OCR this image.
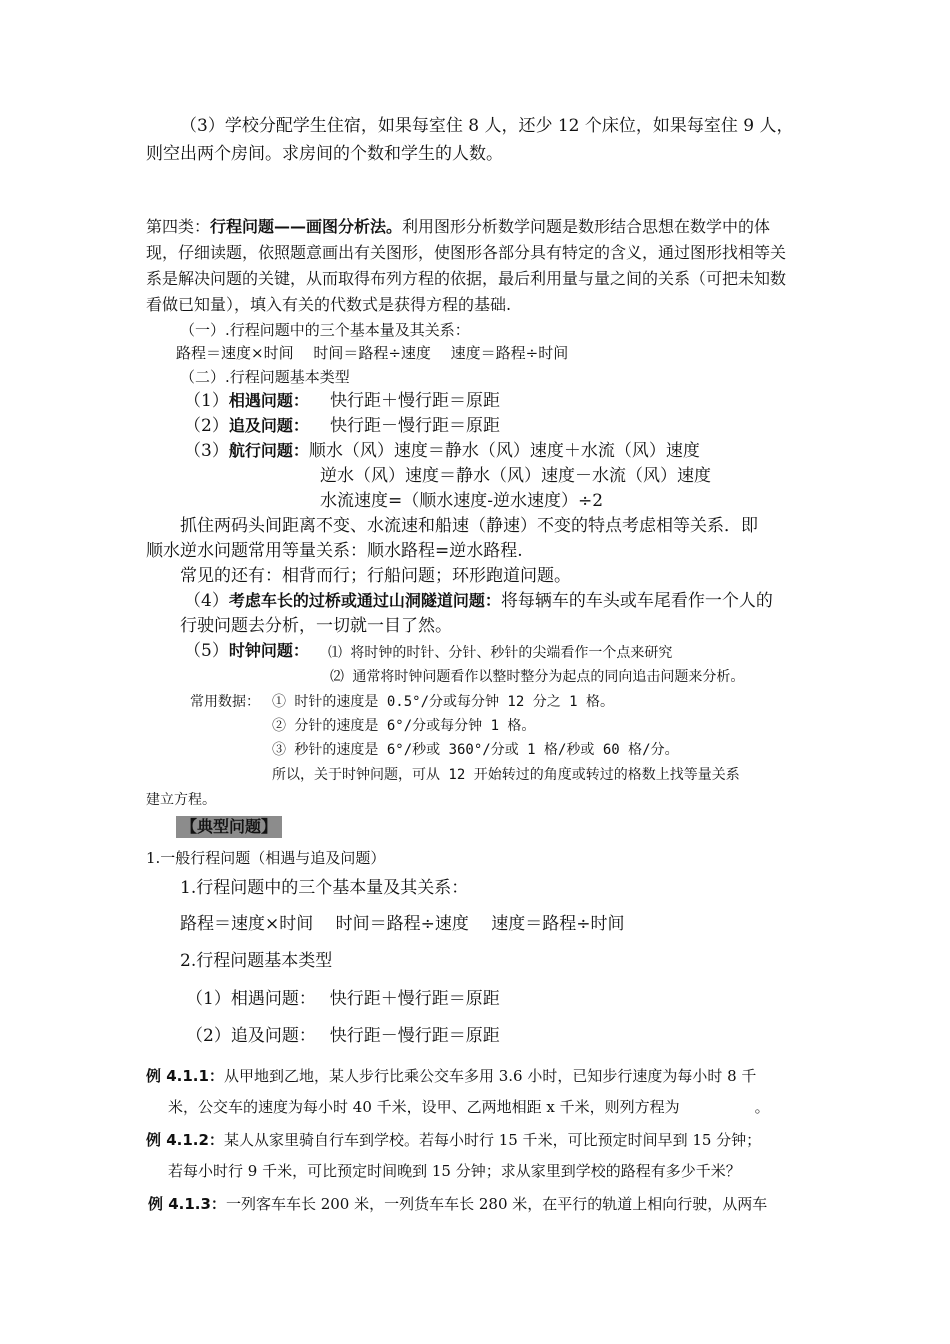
（3）学校分配学生住宿，如果每室住 8 人，还少 12 个床位，如果每室住 9 人，
则空出两个房间。求房间的个数和学生的人数。
第四类：行程问题——画图分析法。利用图形分析数学问题是数形结合思想在数学中的体
现，仔细读题，依照题意画出有关图形，使图形各部分具有特定的含义，通过图形找相等关
系是解决问题的关键，从而取得布列方程的依据，最后利用量与量之间的关系（可把未知数
看做已知量），填入有关的代数式是获得方程的基础.
（一）.行程问题中的三个基本量及其关系：
路程＝速度×时间　 时间＝路程÷速度　 速度＝路程÷时间
（二）.行程问题基本类型
（1）相遇问题： 快行距＋慢行距＝原距
（2）追及问题： 快行距－慢行距＝原距
（3）航行问题：顺水（风）速度＝静水（风）速度＋水流（风）速度
逆水（风）速度＝静水（风）速度－水流（风）速度
水流速度=（顺水速度-逆水速度）÷2
抓住两码头间距离不变、水流速和船速（静速）不变的特点考虑相等关系．即
顺水逆水问题常用等量关系：顺水路程=逆水路程.
常见的还有：相背而行；行船问题；环形跑道问题。
（4）考虑车长的过桥或通过山洞隧道问题：将每辆车的车头或车尾看作一个人的
行驶问题去分析，一切就一目了然。
（5）时钟问题： ⑴ 将时钟的时针、分针、秒针的尖端看作一个点来研究
⑵ 通常将时钟问题看作以整时整分为起点的同向追击问题来分析。
常用数据： ① 时针的速度是 0.5°/分或每分钟 12 分之 1 格。
② 分针的速度是 6°/分或每分钟 1 格。
③ 秒针的速度是 6°/秒或 360°/分或 1 格/秒或 60 格/分。
所以，关于时钟问题，可从 12 开始转过的角度或转过的格数上找等量关系
建立方程。
【典型问题】
1.一般行程问题（相遇与追及问题）
1.行程问题中的三个基本量及其关系：
路程＝速度×时间　 时间＝路程÷速度　 速度＝路程÷时间
2.行程问题基本类型
（1）相遇问题：　 快行距＋慢行距＝原距
（2）追及问题：　 快行距－慢行距＝原距
例 4.1.1：从甲地到乙地，某人步行比乘公交车多用 3.6 小时，已知步行速度为每小时 8 千
米，公交车的速度为每小时 40 千米，设甲、乙两地相距 x 千米，则列方程为　　　　　。
例 4.1.2：某人从家里骑自行车到学校。若每小时行 15 千米，可比预定时间早到 15 分钟；
若每小时行 9 千米，可比预定时间晚到 15 分钟；求从家里到学校的路程有多少千米？
例 4.1.3：一列客车车长 200 米，一列货车车长 280 米，在平行的轨道上相向行驶，从两车
